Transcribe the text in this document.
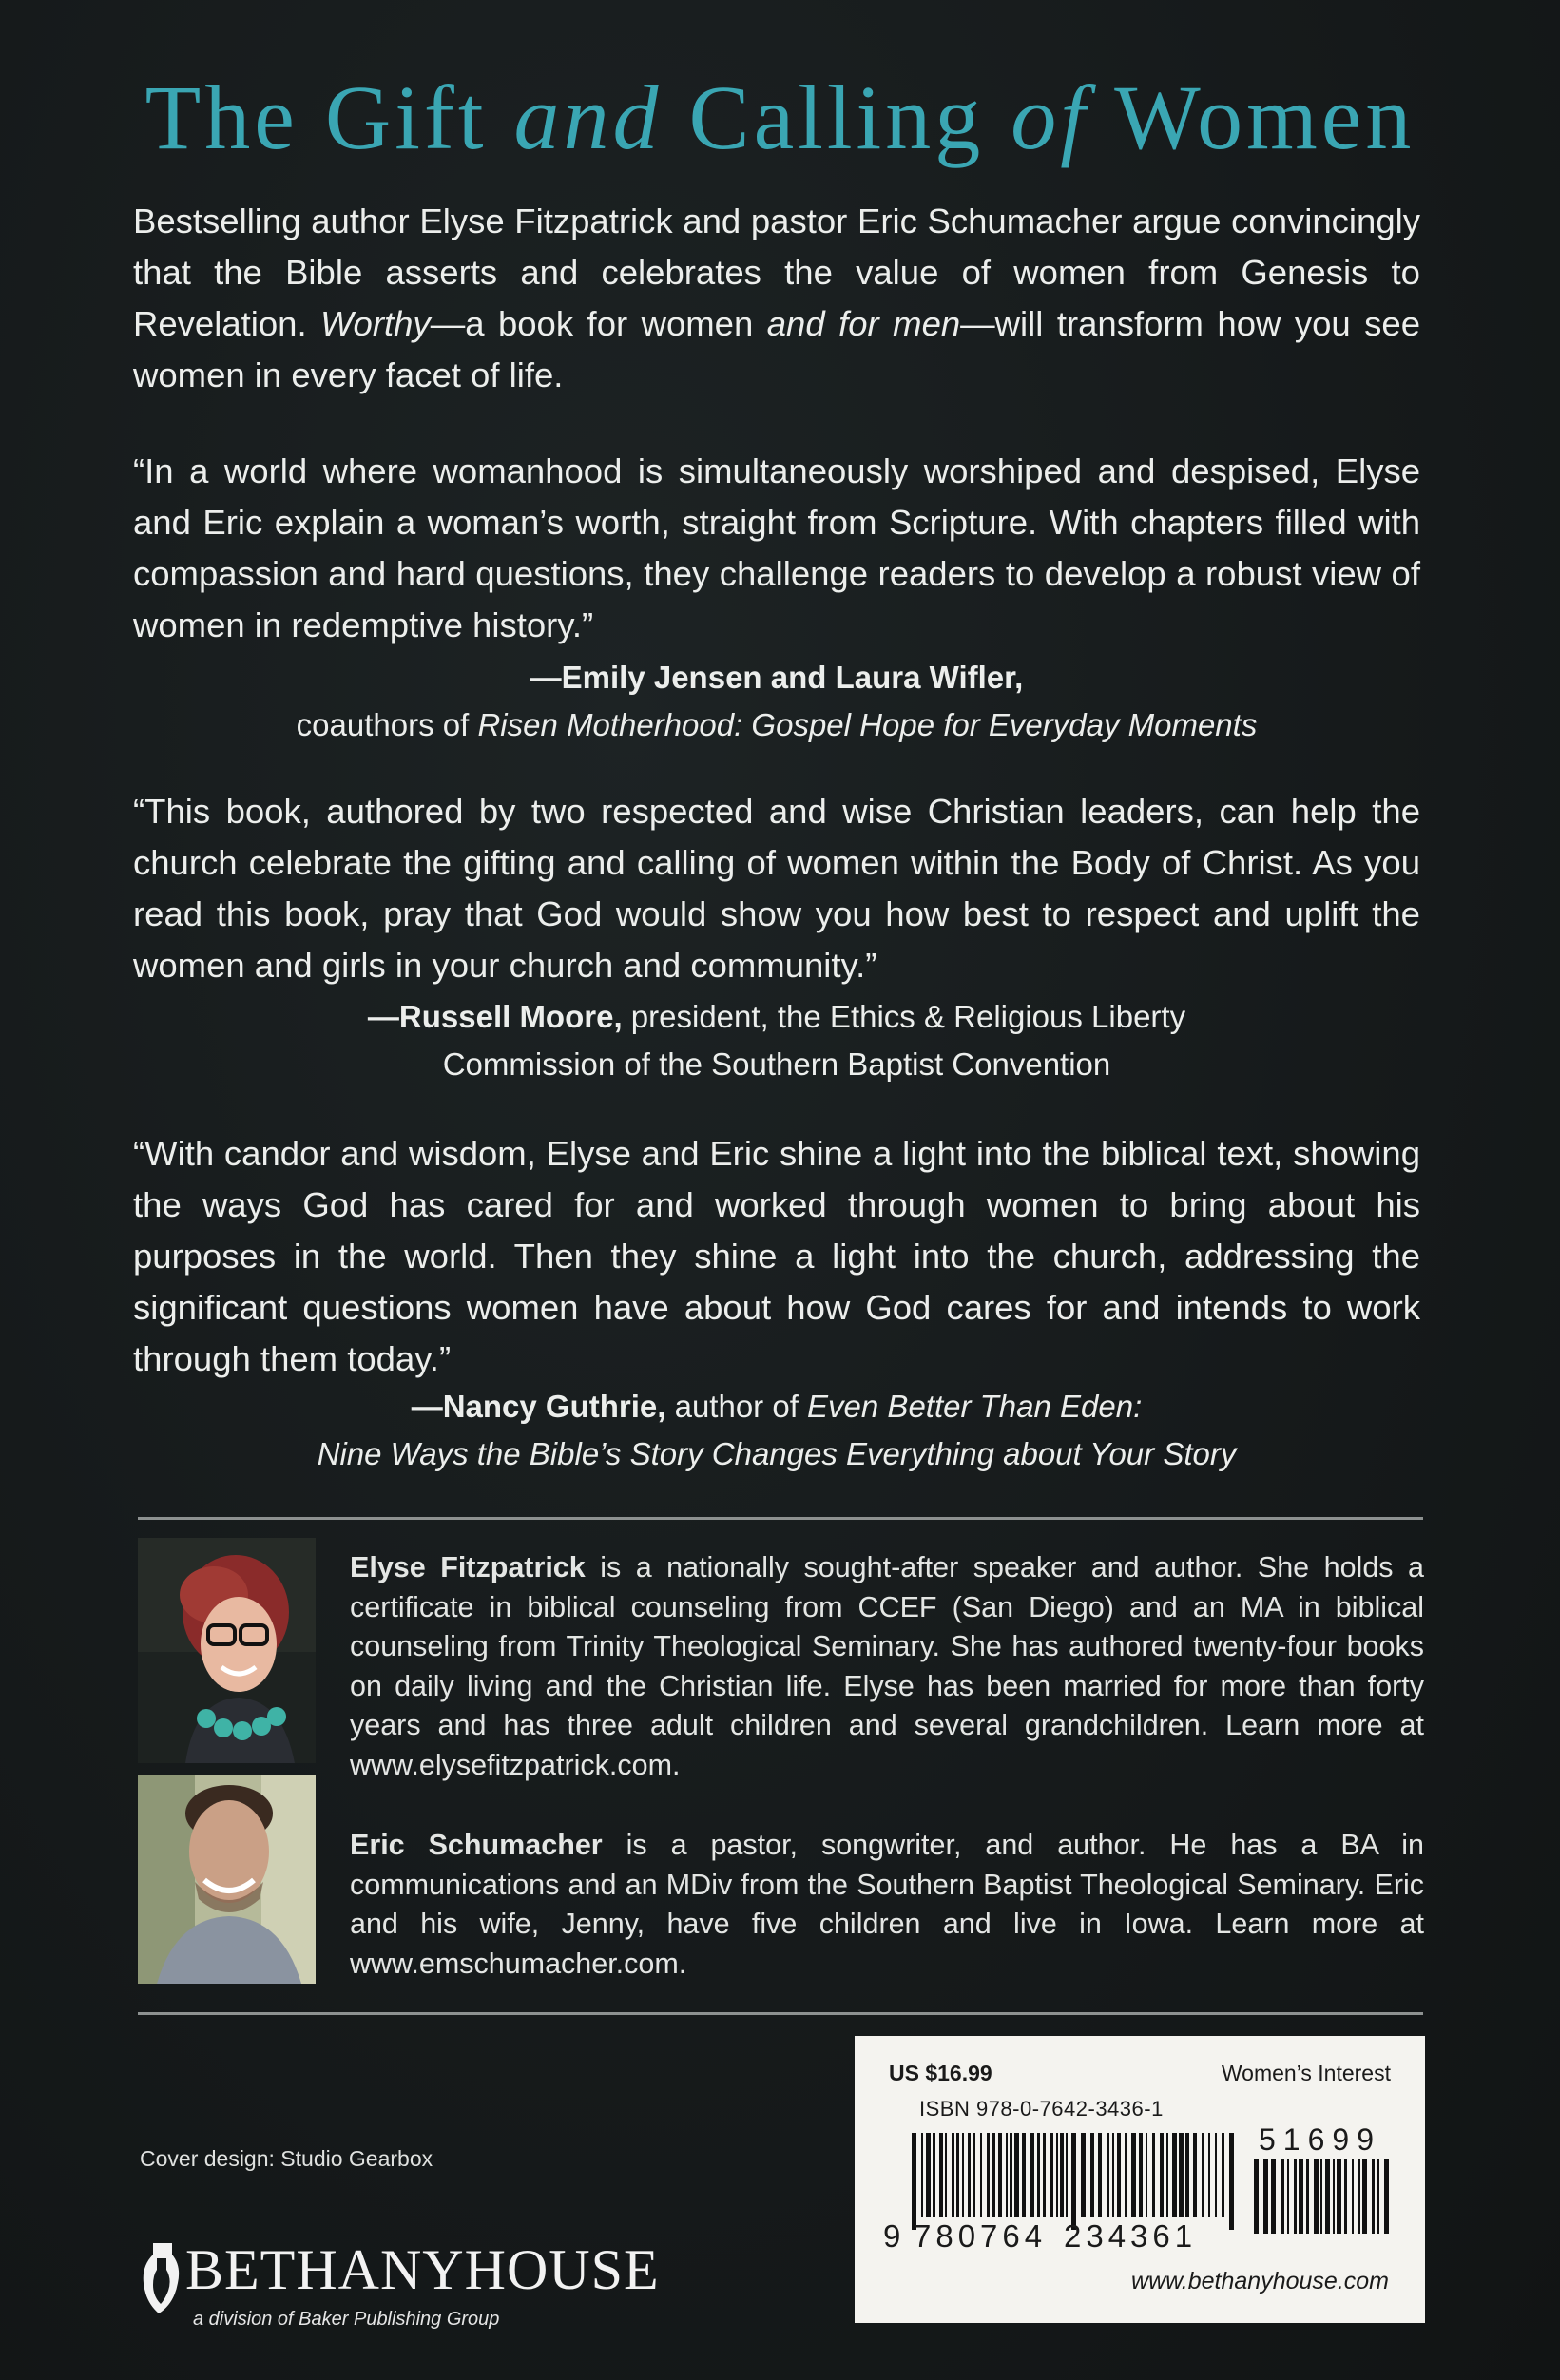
The Gift and Calling of Women
Bestselling author Elyse Fitzpatrick and pastor Eric Schumacher argue convincingly that the Bible asserts and celebrates the value of women from Genesis to Revelation. Worthy—a book for women and for men—will transform how you see women in every facet of life.
“In a world where womanhood is simultaneously worshiped and despised, Elyse and Eric explain a woman’s worth, straight from Scripture. With chapters filled with compassion and hard questions, they challenge readers to develop a robust view of women in redemptive history.”
—Emily Jensen and Laura Wifler,
coauthors of Risen Motherhood: Gospel Hope for Everyday Moments
“This book, authored by two respected and wise Christian leaders, can help the church celebrate the gifting and calling of women within the Body of Christ. As you read this book, pray that God would show you how best to respect and uplift the women and girls in your church and community.”
—Russell Moore, president, the Ethics & Religious Liberty
Commission of the Southern Baptist Convention
“With candor and wisdom, Elyse and Eric shine a light into the biblical text, showing the ways God has cared for and worked through women to bring about his purposes in the world. Then they shine a light into the church, addressing the significant questions women have about how God cares for and intends to work through them today.”
—Nancy Guthrie, author of Even Better Than Eden:
Nine Ways the Bible’s Story Changes Everything about Your Story
Elyse Fitzpatrick is a nationally sought-after speaker and author. She holds a certificate in biblical counseling from CCEF (San Diego) and an MA in biblical counseling from Trinity Theological Seminary. She has authored twenty-four books on daily living and the Christian life. Elyse has been married for more than forty years and has three adult children and several grandchildren. Learn more at www.elysefitzpatrick.com.
Eric Schumacher is a pastor, songwriter, and author. He has a BA in communications and an MDiv from the Southern Baptist Theological Seminary. Eric and his wife, Jenny, have five children and live in Iowa. Learn more at www.emschumacher.com.
Cover design: Studio Gearbox
BETHANYHOUSE
a division of Baker Publishing Group
US $16.99	Women’s Interest
ISBN 978-0-7642-3436-1
9 780764 234361
51699
www.bethanyhouse.com
